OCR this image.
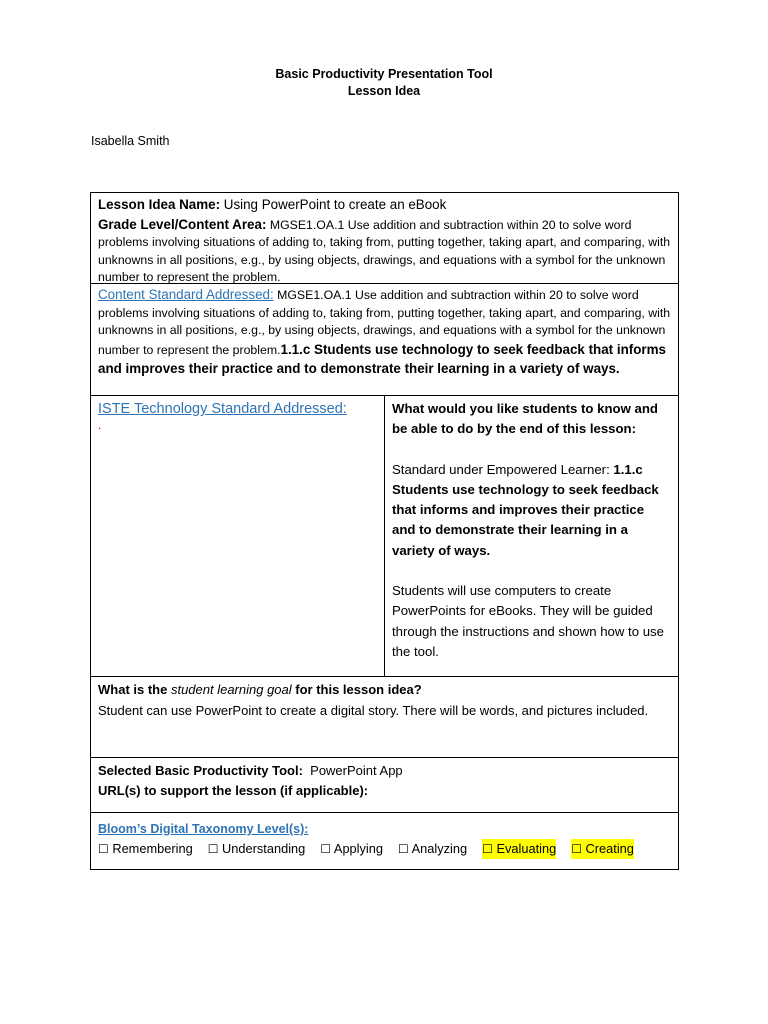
Basic Productivity Presentation Tool
Lesson Idea
Isabella Smith
Lesson Idea Name: Using PowerPoint to create an eBook
Grade Level/Content Area: MGSE1.OA.1 Use addition and subtraction within 20 to solve word problems involving situations of adding to, taking from, putting together, taking apart, and comparing, with unknowns in all positions, e.g., by using objects, drawings, and equations with a symbol for the unknown number to represent the problem.
Content Standard Addressed: MGSE1.OA.1 Use addition and subtraction within 20 to solve word problems involving situations of adding to, taking from, putting together, taking apart, and comparing, with unknowns in all positions, e.g., by using objects, drawings, and equations with a symbol for the unknown number to represent the problem.1.1.c Students use technology to seek feedback that informs and improves their practice and to demonstrate their learning in a variety of ways.
ISTE Technology Standard Addressed:
.
What would you like students to know and be able to do by the end of this lesson:
Standard under Empowered Learner: 1.1.c Students use technology to seek feedback that informs and improves their practice and to demonstrate their learning in a variety of ways.
Students will use computers to create PowerPoints for eBooks. They will be guided through the instructions and shown how to use the tool.
What is the student learning goal for this lesson idea?
Student can use PowerPoint to create a digital story. There will be words, and pictures included.
Selected Basic Productivity Tool:  PowerPoint App
URL(s) to support the lesson (if applicable):
Bloom’s Digital Taxonomy Level(s):
☐ Remembering ☐ Understanding ☐ Applying ☐ Analyzing ☐ Evaluating ☐ Creating
